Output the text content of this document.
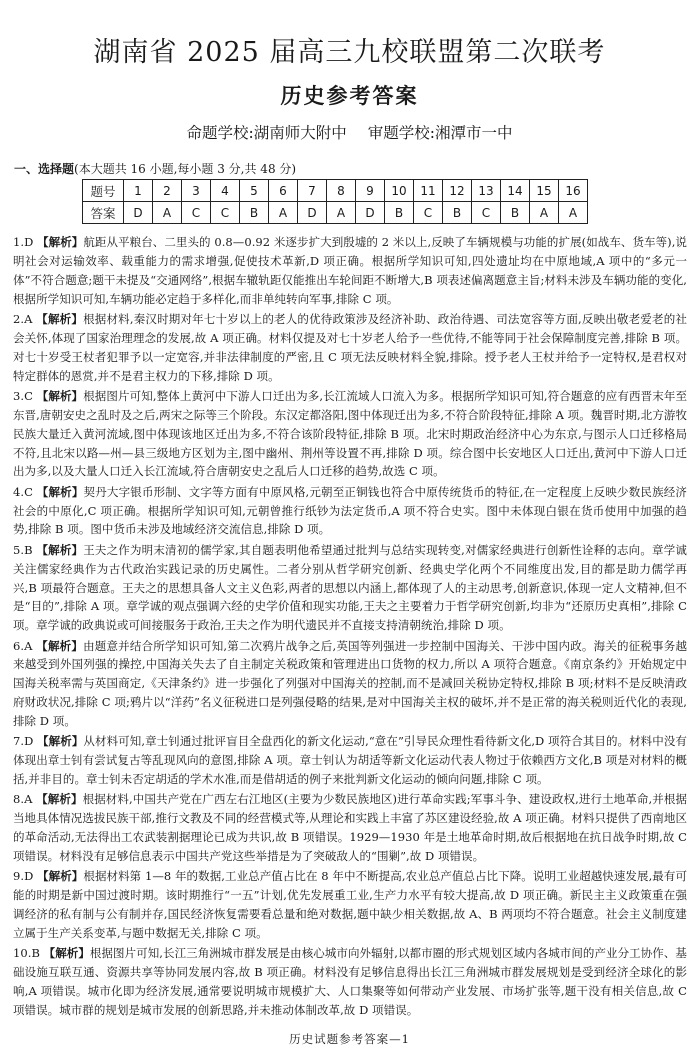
湖南省 2025 届高三九校联盟第二次联考
历史参考答案
命题学校:湖南师大附中 审题学校:湘潭市一中
一、选择题(本大题共 16 小题,每小题 3 分,共 48 分)
题号	1	2	3	4	5	6	7	8	9	10	11	12	13	14	15	16
答案	D	A	C	C	B	A	D	A	D	B	C	B	C	B	A	A

1.D 【解析】航距从平粮台、二里头的 0.8—0.92 米逐步扩大到殷墟的 2 米以上,反映了车辆规模与功能的扩展(如战车、货车等),说明社会对运输效率、载重能力的需求增强,促使技术革新,D 项正确。根据所学知识可知,四处遗址均在中原地域,A 项中的“多元一体”不符合题意;题干未提及“交通网络”,根据车辙轨距仅能推出车轮间距不断增大,B 项表述偏离题意主旨;材料未涉及车辆功能的变化,根据所学知识可知,车辆功能必定趋于多样化,而非单纯转向军事,排除 C 项。

2.A 【解析】根据材料,秦汉时期对年七十岁以上的老人的优待政策涉及经济补助、政治待遇、司法宽容等方面,反映出敬老爱老的社会关怀,体现了国家治理理念的发展,故 A 项正确。材料仅提及对七十岁老人给予一些优待,不能等同于社会保障制度完善,排除 B 项。对七十岁受王杖者犯罪予以一定宽容,并非法律制度的严密,且 C 项无法反映材料全貌,排除。授予老人王杖并给予一定特权,是君权对特定群体的恩赏,并不是君主权力的下移,排除 D 项。

3.C 【解析】根据图片可知,整体上黄河中下游人口迁出为多,长江流域人口流入为多。根据所学知识可知,符合题意的应有西晋末年至东晋,唐朝安史之乱时及之后,两宋之际等三个阶段。东汉定都洛阳,图中体现迁出为多,不符合阶段特征,排除 A 项。魏晋时期,北方游牧民族大量迁入黄河流域,图中体现该地区迁出为多,不符合该阶段特征,排除 B 项。北宋时期政治经济中心为东京,与图示人口迁移格局不符,且北宋以路—州—县三级地方区划为主,图中幽州、荆州等设置不再,排除 D 项。综合图中长安地区人口迁出,黄河中下游人口迁出为多,以及大量人口迁入长江流域,符合唐朝安史之乱后人口迁移的趋势,故选 C 项。

4.C 【解析】契丹大字银币形制、文字等方面有中原风格,元朝至正铜钱也符合中原传统货币的特征,在一定程度上反映少数民族经济社会的中原化,C 项正确。根据所学知识可知,元朝曾推行纸钞为法定货币,A 项不符合史实。图中未体现白银在货币使用中加强的趋势,排除 B 项。图中货币未涉及地域经济交流信息,排除 D 项。

5.B 【解析】王夫之作为明末清初的儒学家,其自题表明他希望通过批判与总结实现转变,对儒家经典进行创新性诠释的志向。章学诚关注儒家经典作为古代政治实践记录的历史属性。二者分别从哲学研究创新、经典史学化两个不同维度出发,目的都是助力儒学再兴,B 项最符合题意。王夫之的思想具备人文主义色彩,两者的思想以内涵上,都体现了人的主动思考,创新意识,体现一定人文精神,但不是“目的”,排除 A 项。章学诚的观点强调六经的史学价值和现实功能,王夫之主要着力于哲学研究创新,均非为“还原历史真相”,排除 C 项。章学诚的政典说或可间接服务于政治,王夫之作为明代遗民并不直接支持清朝统治,排除 D 项。

6.A 【解析】由题意并结合所学知识可知,第二次鸦片战争之后,英国等列强进一步控制中国海关、干涉中国内政。海关的征税事务越来越受到外国列强的操控,中国海关失去了自主制定关税政策和管理进出口货物的权力,所以 A 项符合题意。《南京条约》开始规定中国海关税率需与英国商定,《天津条约》进一步强化了列强对中国海关的控制,而不是减回关税协定特权,排除 B 项;材料不是反映清政府财政状况,排除 C 项;鸦片以“洋药”名义征税进口是列强侵略的结果,是对中国海关主权的破坏,并不是正常的海关税则近代化的表现,排除 D 项。

7.D 【解析】从材料可知,章士钊通过批评盲目全盘西化的新文化运动,“意在”引导民众理性看待新文化,D 项符合其目的。材料中没有体现出章士钊有尝试复古等乱现风向的意图,排除 A 项。章士钊认为胡适等新文化运动代表人物过于依赖西方文化,B 项是对材料的概括,并非目的。章士钊未否定胡适的学术水准,而是借胡适的例子来批判新文化运动的倾向问题,排除 C 项。

8.A 【解析】根据材料,中国共产党在广西左右江地区(主要为少数民族地区)进行革命实践;军事斗争、建设政权,进行土地革命,并根据当地具体情况选拔民族干部,推行文教及不同的经营模式等,从理论和实践上丰富了苏区建设经验,故 A 项正确。材料只提供了西南地区的革命活动,无法得出工农武装割据理论已成为共识,故 B 项错误。1929—1930 年是土地革命时期,故后根据地在抗日战争时期,故 C 项错误。材料没有足够信息表示中国共产党这些举措是为了突破敌人的“围剿”,故 D 项错误。

9.D 【解析】根据材料第 1—8 年的数据,工业总产值占比在 8 年中不断提高,农业总产值总占比下降。说明工业超越快速发展,最有可能的时期是新中国过渡时期。该时期推行“一五”计划,优先发展重工业,生产力水平有较大提高,故 D 项正确。新民主主义政策重在强调经济的私有制与公有制并存,国民经济恢复需要看总量和绝对数据,题中缺少相关数据,故 A、B 两项均不符合题意。社会主义制度建立属于生产关系变革,与题中数据无关,排除 C 项。

10.B 【解析】根据图片可知,长江三角洲城市群发展是由核心城市向外辐射,以都市圈的形式规划区域内各城市间的产业分工协作、基础设施互联互通、资源共享等协同发展内容,故 B 项正确。材料没有足够信息得出长江三角洲城市群发展规划是受到经济全球化的影响,A 项错误。城市化即为经济发展,通常要说明城市规模扩大、人口集聚等如何带动产业发展、市场扩张等,题干没有相关信息,故 C 项错误。城市群的规划是城市发展的创新思路,并未推动体制改革,故 D 项错误。

历史试题参考答案—1
